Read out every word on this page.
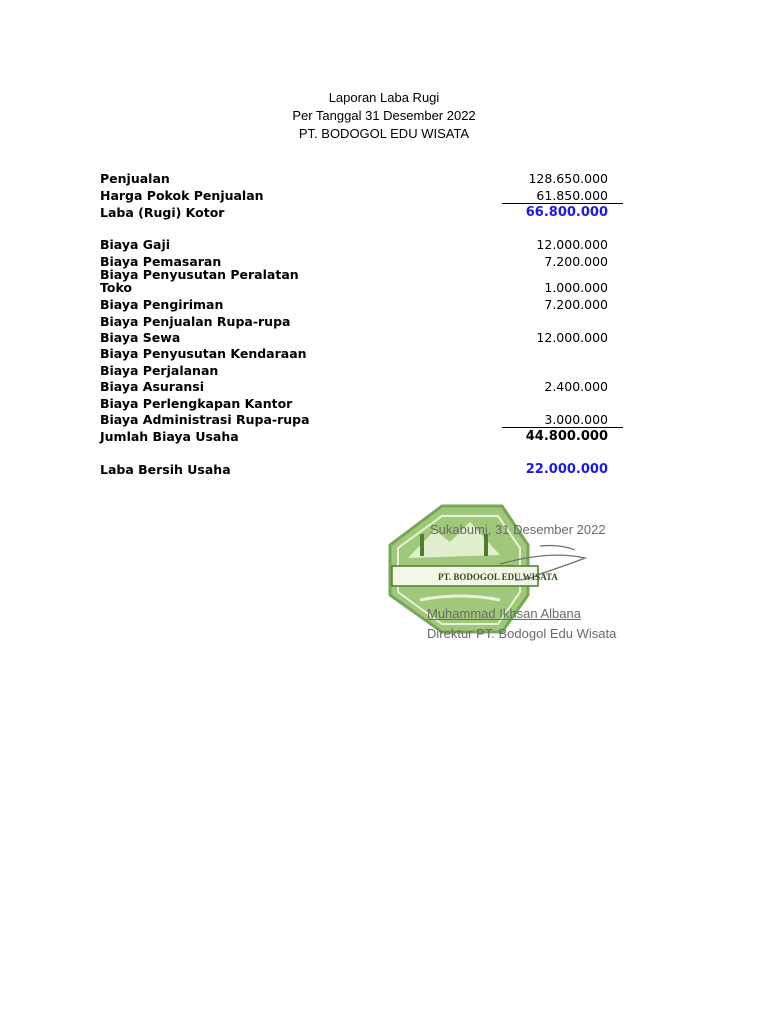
Laporan Laba Rugi
Per Tanggal 31 Desember 2022
PT. BODOGOL EDU WISATA
Penjualan	128.650.000
Harga Pokok Penjualan	61.850.000
Laba (Rugi) Kotor	66.800.000
Biaya Gaji	12.000.000
Biaya Pemasaran	7.200.000
Biaya Penyusutan Peralatan
Toko	1.000.000
Biaya Pengiriman	7.200.000
Biaya Penjualan Rupa-rupa
Biaya Sewa	12.000.000
Biaya Penyusutan Kendaraan
Biaya Perjalanan
Biaya Asuransi	2.400.000
Biaya Perlengkapan Kantor
Biaya Administrasi Rupa-rupa	3.000.000
Jumlah Biaya Usaha	44.800.000
Laba Bersih Usaha	22.000.000
PT. BODOGOL EDU WISATA
Sukabumi, 31 Desember 2022
Muhammad Ikhsan Albana
Direktur PT. Bodogol Edu Wisata
